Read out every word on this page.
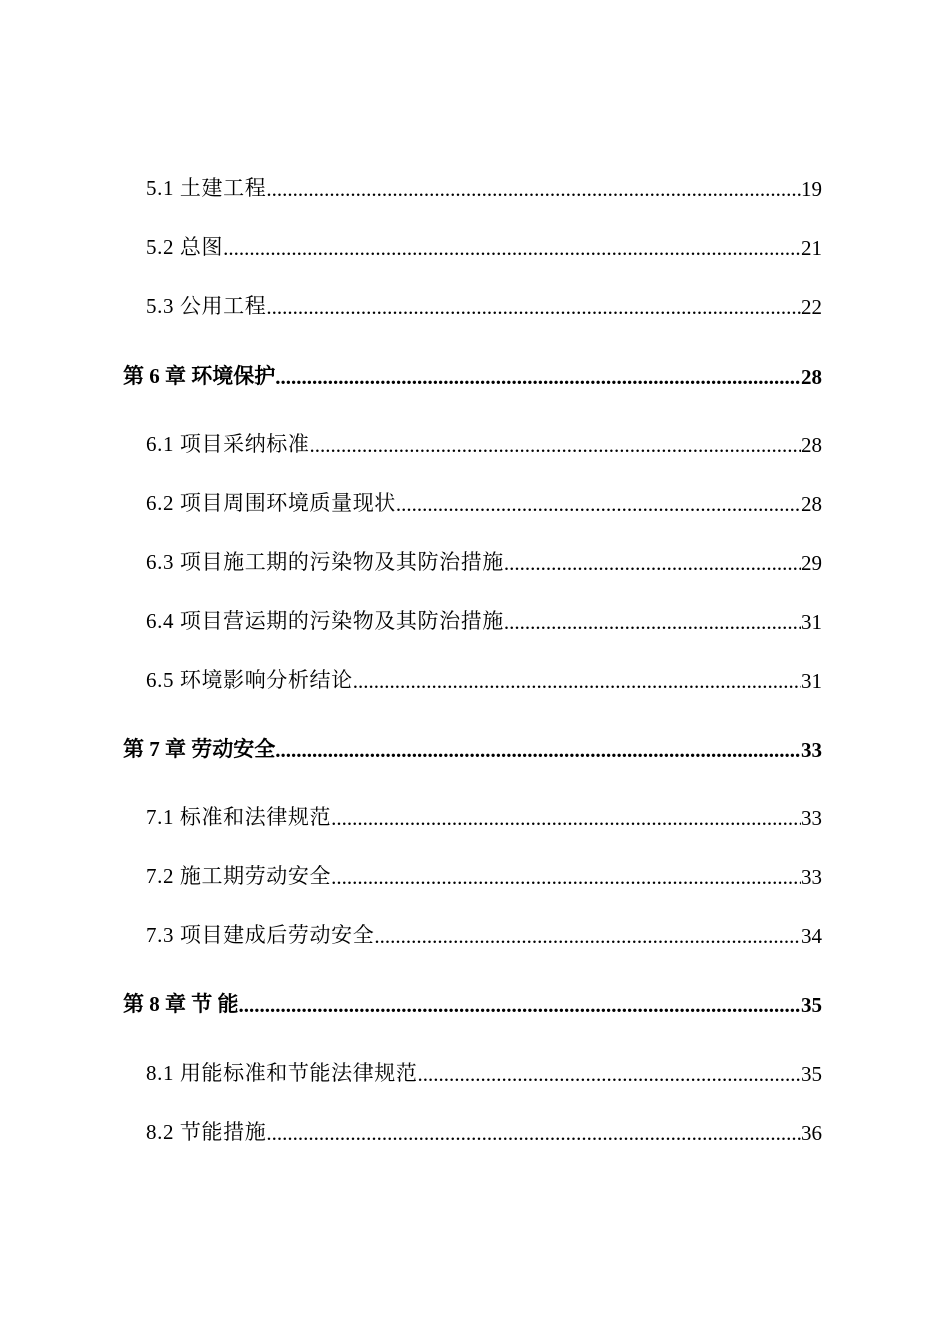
5.1 土建工程 .....	19
5.2 总图 .....	21
5.3 公用工程 .....	22
第 6 章 环境保护 .....	28
6.1 项目采纳标准 .....	28
6.2 项目周围环境质量现状 .....	28
6.3 项目施工期的污染物及其防治措施 .....	29
6.4 项目营运期的污染物及其防治措施 .....	31
6.5 环境影响分析结论 .....	31
第 7 章 劳动安全 .....	33
7.1 标准和法律规范 .....	33
7.2 施工期劳动安全 .....	33
7.3 项目建成后劳动安全 .....	34
第 8 章 节 能 .....	35
8.1 用能标准和节能法律规范 .....	35
8.2 节能措施 .....	36
